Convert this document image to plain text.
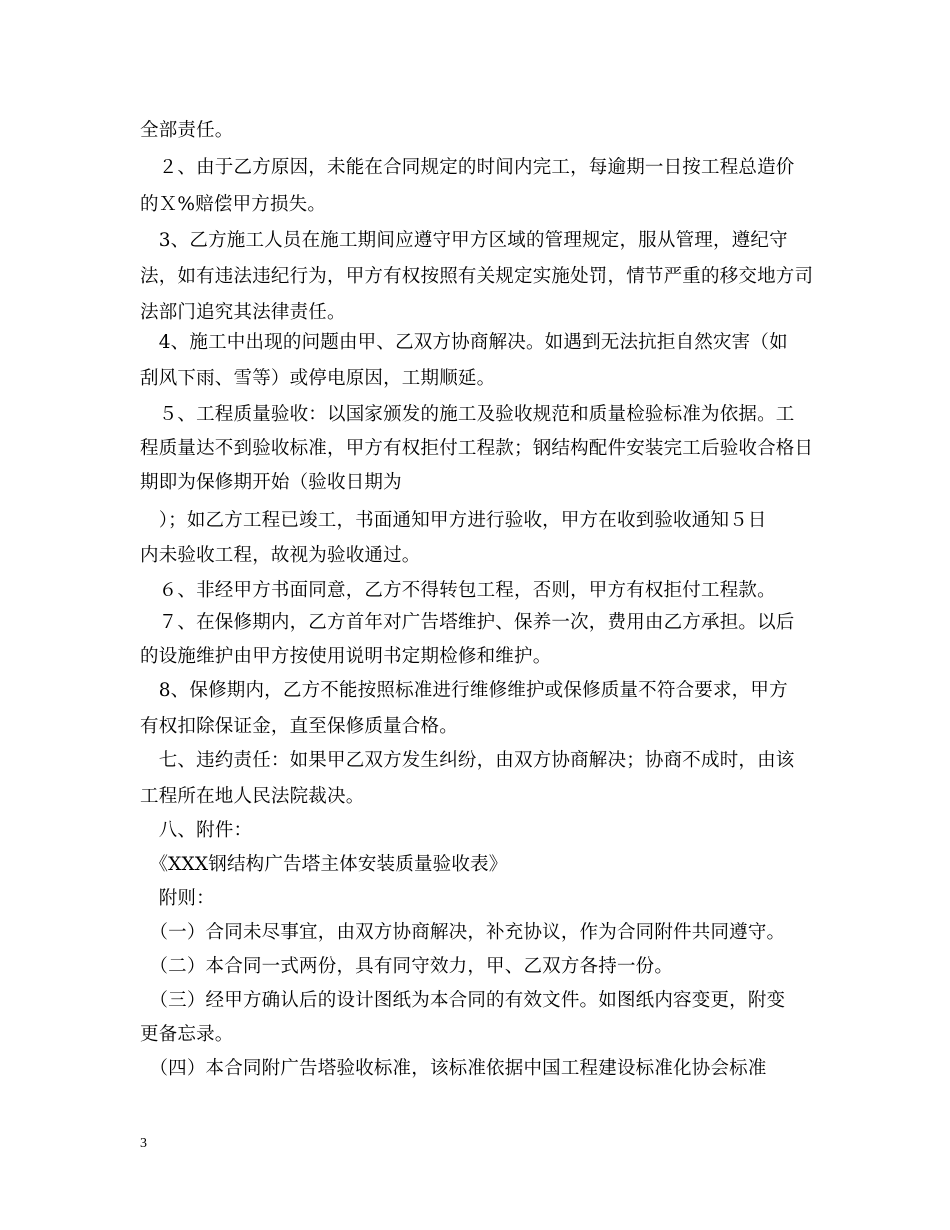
全部责任。
　２、由于乙方原因，未能在合同规定的时间内完工，每逾期一日按工程总造价
的Ｘ%赔偿甲方损失。
　3、乙方施工人员在施工期间应遵守甲方区域的管理规定，服从管理，遵纪守
法，如有违法违纪行为，甲方有权按照有关规定实施处罚，情节严重的移交地方司
法部门追究其法律责任。
　4、施工中出现的问题由甲、乙双方协商解决。如遇到无法抗拒自然灾害（如
刮风下雨、雪等）或停电原因，工期顺延。
　５、工程质量验收：以国家颁发的施工及验收规范和质量检验标准为依据。工
程质量达不到验收标准，甲方有权拒付工程款；钢结构配件安装完工后验收合格日
期即为保修期开始（验收日期为
　）；如乙方工程已竣工，书面通知甲方进行验收，甲方在收到验收通知５日
内未验收工程，故视为验收通过。
　６、非经甲方书面同意，乙方不得转包工程，否则，甲方有权拒付工程款。
　７、在保修期内，乙方首年对广告塔维护、保养一次，费用由乙方承担。以后
的设施维护由甲方按使用说明书定期检修和维护。
　8、保修期内，乙方不能按照标准进行维修维护或保修质量不符合要求，甲方
有权扣除保证金，直至保修质量合格。
　七、违约责任：如果甲乙双方发生纠纷，由双方协商解决；协商不成时，由该
工程所在地人民法院裁决。
　八、附件：
　《XXX钢结构广告塔主体安装质量验收表》
　附则：
　（一）合同未尽事宜，由双方协商解决，补充协议，作为合同附件共同遵守。
　（二）本合同一式两份，具有同守效力，甲、乙双方各持一份。
　（三）经甲方确认后的设计图纸为本合同的有效文件。如图纸内容变更，附变
更备忘录。
　（四）本合同附广告塔验收标准，该标准依据中国工程建设标准化协会标准
3
